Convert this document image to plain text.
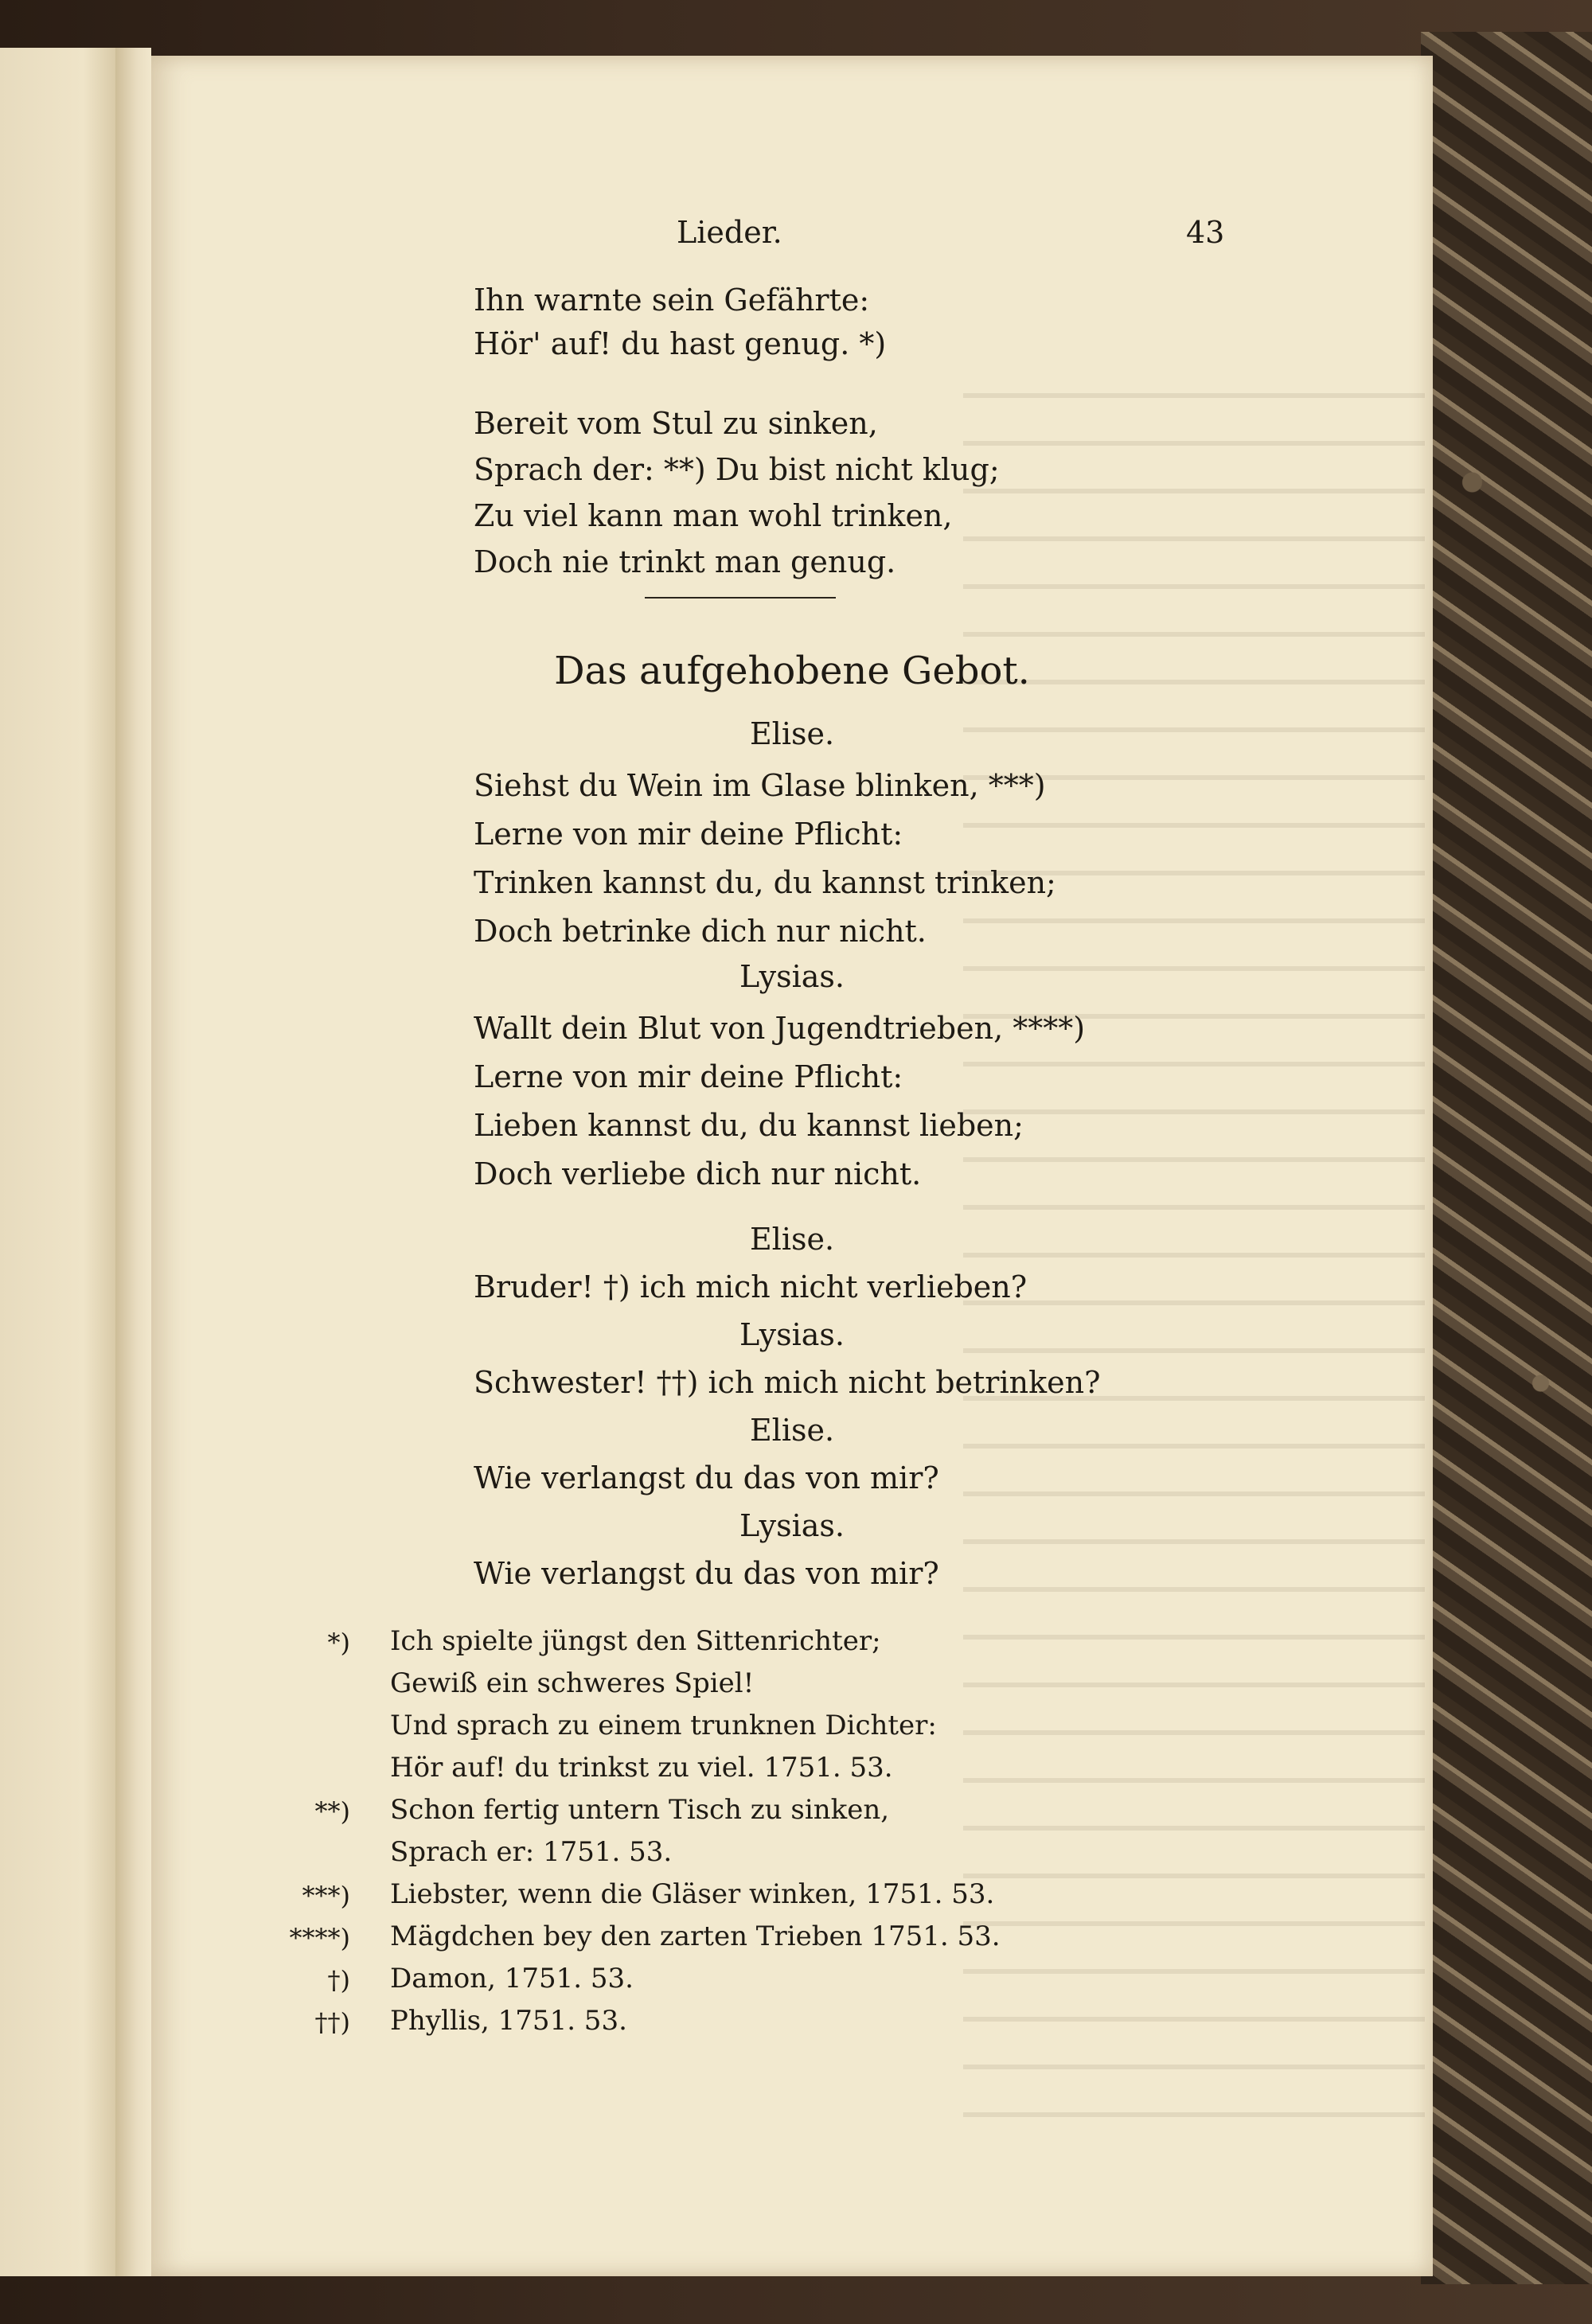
Lieder.	43
Ihn warnte sein Gefährte:
Hör' auf! du hast genug. *)
Bereit vom Stul zu sinken,
Sprach der: **) Du bist nicht klug;
Zu viel kann man wohl trinken,
Doch nie trinkt man genug.
Das aufgehobene Gebot.
Elise.
Siehst du Wein im Glase blinken, ***)
Lerne von mir deine Pflicht:
Trinken kannst du, du kannst trinken;
Doch betrinke dich nur nicht.
Lysias.
Wallt dein Blut von Jugendtrieben, ****)
Lerne von mir deine Pflicht:
Lieben kannst du, du kannst lieben;
Doch verliebe dich nur nicht.
Elise.
Bruder! †) ich mich nicht verlieben?
Lysias.
Schwester! ††) ich mich nicht betrinken?
Elise.
Wie verlangst du das von mir?
Lysias.
Wie verlangst du das von mir?
*) Ich spielte jüngst den Sittenrichter;
Gewiß ein schweres Spiel!
Und sprach zu einem trunknen Dichter:
Hör auf! du trinkst zu viel. 1751. 53.
**) Schon fertig untern Tisch zu sinken,
Sprach er: 1751. 53.
***) Liebster, wenn die Gläser winken, 1751. 53.
****) Mägdchen bey den zarten Trieben 1751. 53.
†) Damon, 1751. 53.
††) Phyllis, 1751. 53.
